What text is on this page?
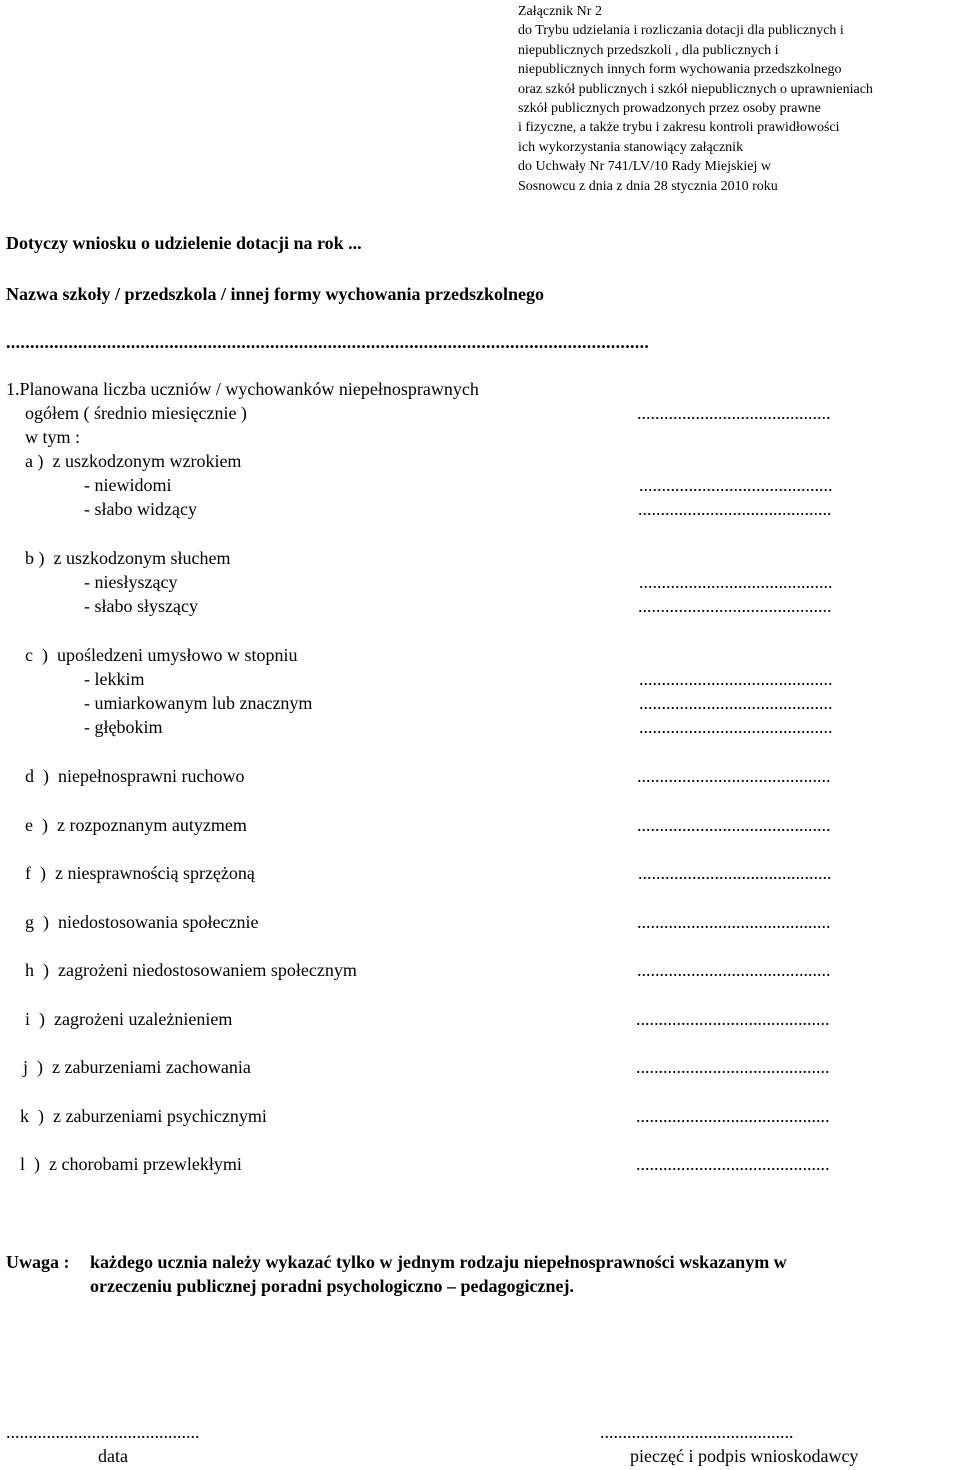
Załącznik Nr 2
do Trybu udzielania i rozliczania dotacji dla publicznych i
niepublicznych przedszkoli , dla publicznych i
niepublicznych innych form wychowania przedszkolnego
oraz szkół publicznych i szkół niepublicznych o uprawnieniach
szkół publicznych prowadzonych przez osoby prawne
i fizyczne, a także trybu i zakresu kontroli prawidłowości
ich wykorzystania stanowiący załącznik
do Uchwały Nr 741/LV/10 Rady Miejskiej w
Sosnowcu z dnia z dnia 28 stycznia 2010 roku
Dotyczy wniosku o udzielenie dotacji na rok ...
Nazwa szkoły / przedszkola / innej formy wychowania przedszkolnego
......................................................................................................................................
1.Planowana liczba uczniów / wychowanków niepełnosprawnych
ogółem ( średnio miesięcznie )	...........................................
w tym :
a )  z uszkodzonym wzrokiem
- niewidomi	...........................................
- słabo widzący	...........................................
b )  z uszkodzonym słuchem
- niesłyszący	...........................................
- słabo słyszący	...........................................
c  )  upośledzeni umysłowo w stopniu
- lekkim	...........................................
- umiarkowanym lub znacznym	...........................................
- głębokim	...........................................
d  )  niepełnosprawni ruchowo	...........................................
e  )  z rozpoznanym autyzmem	...........................................
f  )  z niesprawnością sprzężoną	...........................................
g  )  niedostosowania społecznie	...........................................
h  )  zagrożeni niedostosowaniem społecznym	...........................................
i  )  zagrożeni uzależnieniem	...........................................
j  )  z zaburzeniami zachowania	...........................................
k  )  z zaburzeniami psychicznymi	...........................................
l  )  z chorobami przewlekłymi	...........................................
Uwaga : każdego ucznia należy wykazać tylko w jednym rodzaju niepełnosprawności wskazanym w
orzeczeniu publicznej poradni psychologiczno – pedagogicznej.
...........................................	...........................................
data	pieczęć i podpis wnioskodawcy
